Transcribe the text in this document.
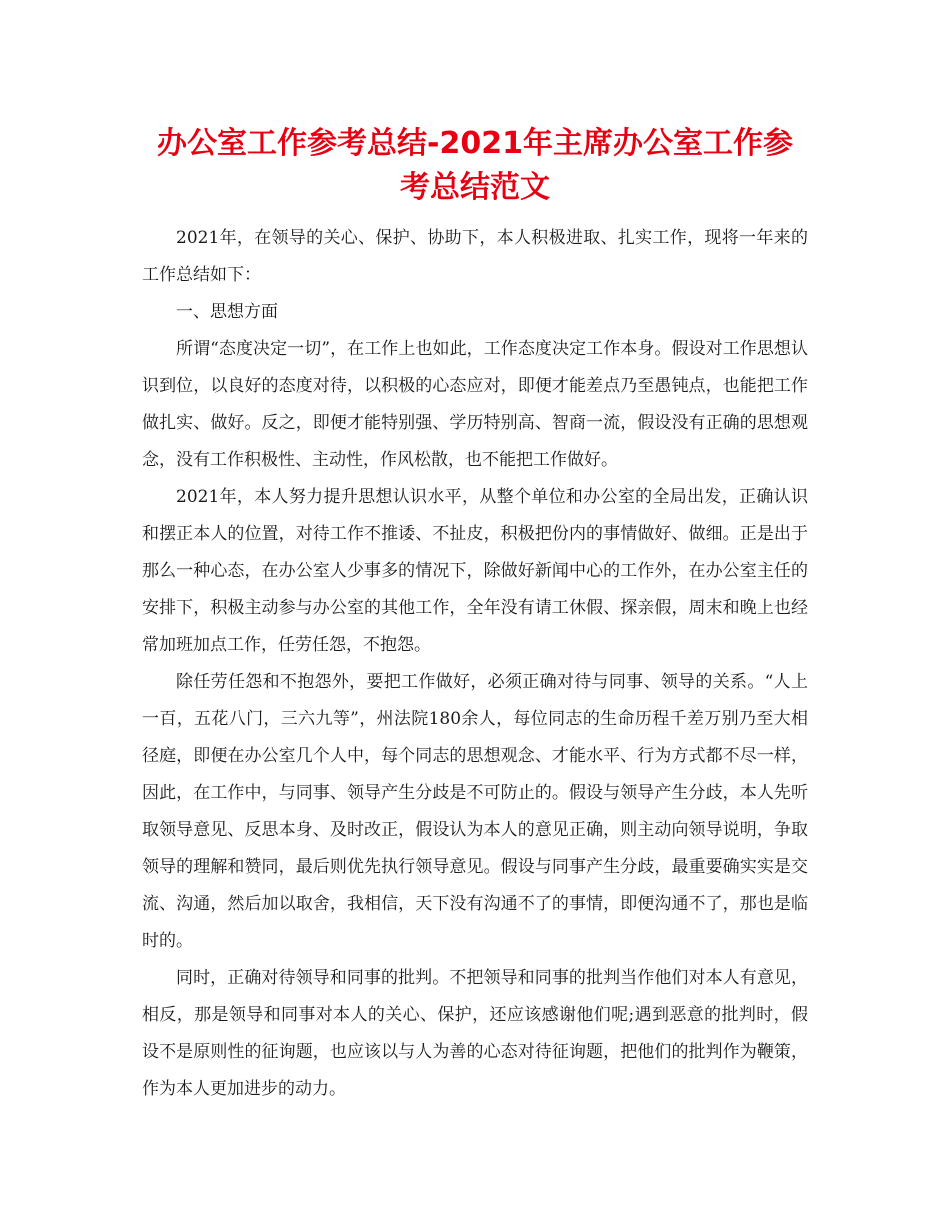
办公室工作参考总结-2021年主席办公室工作参
考总结范文

2021年，在领导的关心、保护、协助下，本人积极进取、扎实工作，现将一年来的工作总结如下：

一、思想方面

所谓“态度决定一切”，在工作上也如此，工作态度决定工作本身。假设对工作思想认识到位，以良好的态度对待，以积极的心态应对，即便才能差点乃至愚钝点，也能把工作做扎实、做好。反之，即便才能特别强、学历特别高、智商一流，假设没有正确的思想观念，没有工作积极性、主动性，作风松散，也不能把工作做好。

2021年，本人努力提升思想认识水平，从整个单位和办公室的全局出发，正确认识和摆正本人的位置，对待工作不推诿、不扯皮，积极把份内的事情做好、做细。正是出于那么一种心态，在办公室人少事多的情况下，除做好新闻中心的工作外，在办公室主任的安排下，积极主动参与办公室的其他工作，全年没有请工休假、探亲假，周末和晚上也经常加班加点工作，任劳任怨，不抱怨。

除任劳任怨和不抱怨外，要把工作做好，必须正确对待与同事、领导的关系。“人上一百，五花八门，三六九等”，州法院180余人，每位同志的生命历程千差万别乃至大相径庭，即便在办公室几个人中，每个同志的思想观念、才能水平、行为方式都不尽一样，因此，在工作中，与同事、领导产生分歧是不可防止的。假设与领导产生分歧，本人先听取领导意见、反思本身、及时改正，假设认为本人的意见正确，则主动向领导说明，争取领导的理解和赞同，最后则优先执行领导意见。假设与同事产生分歧，最重要确实实是交流、沟通，然后加以取舍，我相信，天下没有沟通不了的事情，即便沟通不了，那也是临时的。

同时，正确对待领导和同事的批判。不把领导和同事的批判当作他们对本人有意见，相反，那是领导和同事对本人的关心、保护，还应该感谢他们呢;遇到恶意的批判时，假设不是原则性的征询题，也应该以与人为善的心态对待征询题，把他们的批判作为鞭策，作为本人更加进步的动力。
